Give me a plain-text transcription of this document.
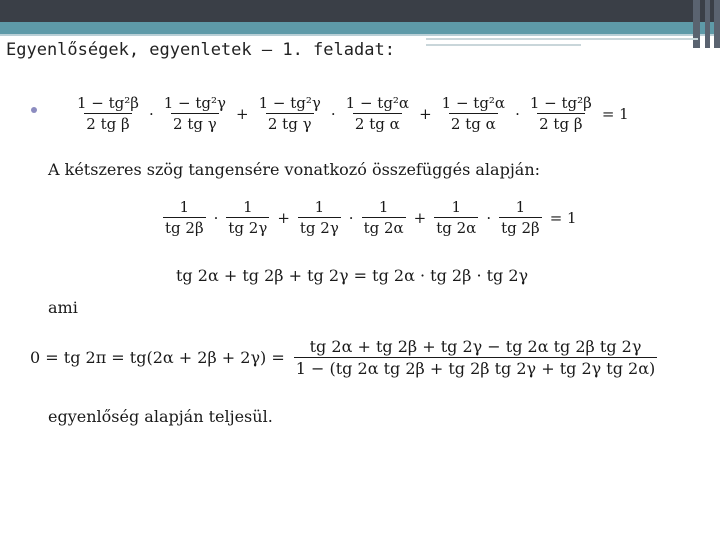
Egyenlőségek, egyenletek – 1. feladat:
$\frac{\text{1 − tg²β}}{\text{2 tg β}} \cdot \frac{\text{1 − tg²γ}}{\text{2 tg γ}} + \frac{\text{1 − tg²γ}}{\text{2 tg γ}} \cdot \frac{\text{1 − tg²α}}{\text{2 tg α}} + \frac{\text{1 − tg²α}}{\text{2 tg α}} \cdot \frac{\text{1 − tg²β}}{\text{2 tg β}} = 1$
A kétszeres szög tangensére vonatkozó összefüggés alapján:
$\frac{1}{tg 2\beta} \cdot \frac{1}{tg 2\gamma} + \frac{1}{tg 2\gamma} \cdot \frac{1}{tg 2\alpha} + \frac{1}{tg 2\alpha} \cdot \frac{1}{tg 2\beta} = 1$
tg 2α + tg 2β + tg 2γ = tg 2α · tg 2β · tg 2γ
ami
0 = tg $2\pi = tg(2\alpha + 2\beta + 2\gamma) = \frac{\text{tg 2α + tg 2β + tg 2γ − tg 2α tg 2β tg 2γ}}{\text{1 − (tg 2α tg 2β + tg 2β tg 2γ + tg 2γ tg 2α)}}$
egyenlőség alapján teljesül.
